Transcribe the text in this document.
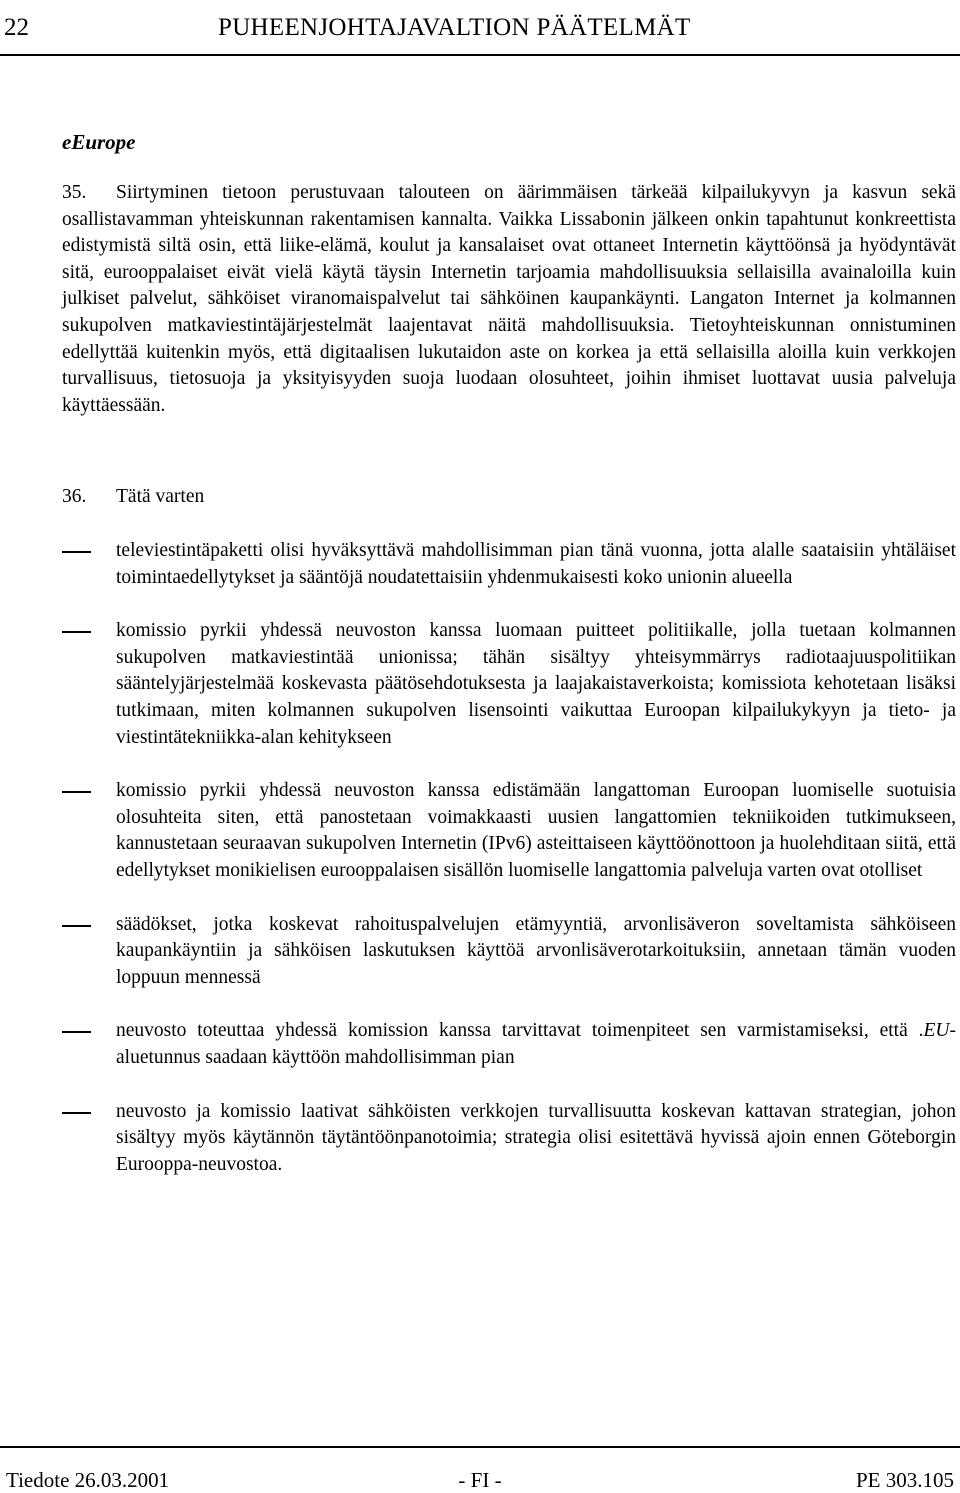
22	PUHEENJOHTAJAVALTION PÄÄTELMÄT
eEurope

35. Siirtyminen tietoon perustuvaan talouteen on äärimmäisen tärkeää kilpailukyvyn ja kasvun sekä osallistavamman yhteiskunnan rakentamisen kannalta. Vaikka Lissabonin jälkeen onkin tapahtunut konkreettista edistymistä siltä osin, että liike-elämä, koulut ja kansalaiset ovat ottaneet Internetin käyttöönsä ja hyödyntävät sitä, eurooppalaiset eivät vielä käytä täysin Internetin tarjoamia mahdollisuuksia sellaisilla avainaloilla kuin julkiset palvelut, sähköiset viranomaispalvelut tai sähköinen kaupankäynti. Langaton Internet ja kolmannen sukupolven matkaviestintäjärjestelmät laajentavat näitä mahdollisuuksia. Tietoyhteiskunnan onnistuminen edellyttää kuitenkin myös, että digitaalisen lukutaidon aste on korkea ja että sellaisilla aloilla kuin verkkojen turvallisuus, tietosuoja ja yksityisyyden suoja luodaan olosuhteet, joihin ihmiset luottavat uusia palveluja käyttäessään.

36. Tätä varten
televiestintäpaketti olisi hyväksyttävä mahdollisimman pian tänä vuonna, jotta alalle saataisiin yhtäläiset toimintaedellytykset ja sääntöjä noudatettaisiin yhdenmukaisesti koko unionin alueella
komissio pyrkii yhdessä neuvoston kanssa luomaan puitteet politiikalle, jolla tuetaan kolmannen sukupolven matkaviestintää unionissa; tähän sisältyy yhteisymmärrys radiotaajuuspolitiikan sääntelyjärjestelmää koskevasta päätösehdotuksesta ja laajakaistaverkoista; komissiota kehotetaan lisäksi tutkimaan, miten kolmannen sukupolven lisensointi vaikuttaa Euroopan kilpailukykyyn ja tieto- ja viestintätekniikka-alan kehitykseen
komissio pyrkii yhdessä neuvoston kanssa edistämään langattoman Euroopan luomiselle suotuisia olosuhteita siten, että panostetaan voimakkaasti uusien langattomien tekniikoiden tutkimukseen, kannustetaan seuraavan sukupolven Internetin (IPv6) asteittaiseen käyttöönottoon ja huolehditaan siitä, että edellytykset monikielisen eurooppalaisen sisällön luomiselle langattomia palveluja varten ovat otolliset
säädökset, jotka koskevat rahoituspalvelujen etämyyntiä, arvonlisäveron soveltamista sähköiseen kaupankäyntiin ja sähköisen laskutuksen käyttöä arvonlisäverotarkoituksiin, annetaan tämän vuoden loppuun mennessä
neuvosto toteuttaa yhdessä komission kanssa tarvittavat toimenpiteet sen varmistamiseksi, että .EU-aluetunnus saadaan käyttöön mahdollisimman pian
neuvosto ja komissio laativat sähköisten verkkojen turvallisuutta koskevan kattavan strategian, johon sisältyy myös käytännön täytäntöönpanotoimia; strategia olisi esitettävä hyvissä ajoin ennen Göteborgin Eurooppa-neuvostoa.
Tiedote 26.03.2001	- FI -	PE 303.105
